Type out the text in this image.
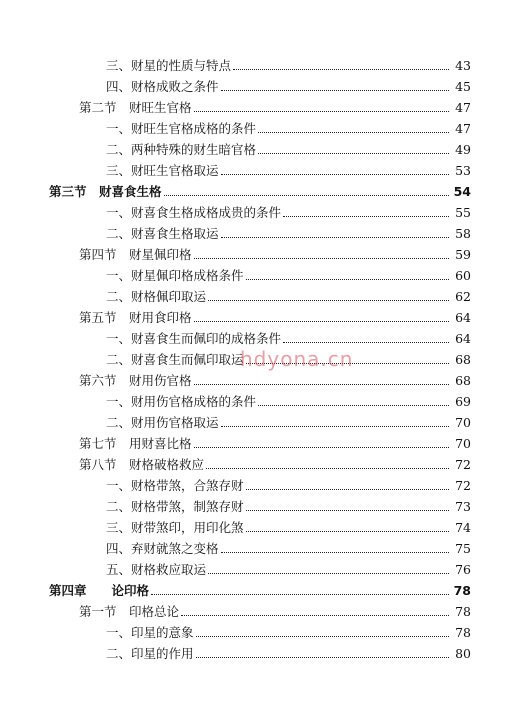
三、财星的性质与特点	43
四、财格成败之条件	45
第二节　财旺生官格	47
一、财旺生官格成格的条件	47
二、两种特殊的财生暗官格	49
三、财旺生官格取运	53
第三节　财喜食生格	54
一、财喜食生格成格成贵的条件	55
二、财喜食生格取运	58
第四节　财星佩印格	59
一、财星佩印格成格条件	60
二、财格佩印取运	62
第五节　财用食印格	64
一、财喜食生而佩印的成格条件	64
二、财喜食生而佩印取运	68
第六节　财用伤官格	68
一、财用伤官格成格的条件	69
二、财用伤官格取运	70
第七节　用财喜比格	70
第八节　财格破格救应	72
一、财格带煞，合煞存财	72
二、财格带煞，制煞存财	73
三、财带煞印，用印化煞	74
四、弃财就煞之变格	75
五、财格救应取运	76
第四章　　论印格	78
第一节　印格总论	78
一、印星的意象	78
二、印星的作用	80
hdyona.cn
